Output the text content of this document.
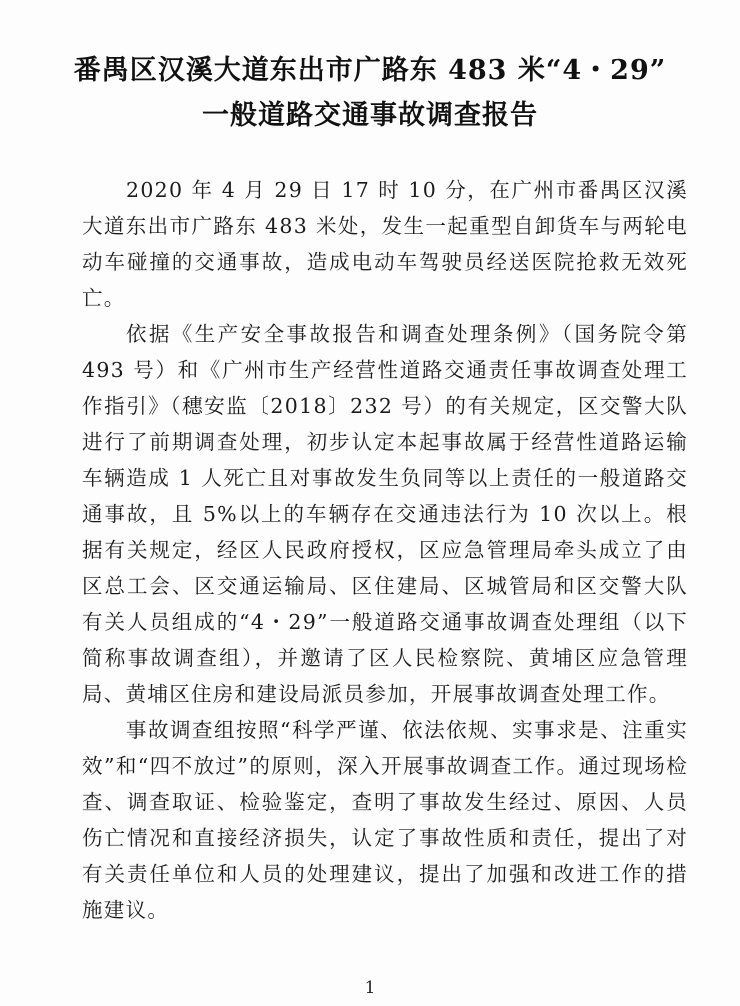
番禺区汉溪大道东出市广路东 483 米“4・29”
一般道路交通事故调查报告

2020 年 4 月 29 日 17 时 10 分，在广州市番禺区汉溪大道东出市广路东 483 米处，发生一起重型自卸货车与两轮电动车碰撞的交通事故，造成电动车驾驶员经送医院抢救无效死亡。

依据《生产安全事故报告和调查处理条例》（国务院令第 493 号）和《广州市生产经营性道路交通责任事故调查处理工作指引》（穗安监〔2018〕232 号）的有关规定，区交警大队进行了前期调查处理，初步认定本起事故属于经营性道路运输车辆造成 1 人死亡且对事故发生负同等以上责任的一般道路交通事故，且 5%以上的车辆存在交通违法行为 10 次以上。根据有关规定，经区人民政府授权，区应急管理局牵头成立了由区总工会、区交通运输局、区住建局、区城管局和区交警大队有关人员组成的“4・29”一般道路交通事故调查处理组（以下简称事故调查组），并邀请了区人民检察院、黄埔区应急管理局、黄埔区住房和建设局派员参加，开展事故调查处理工作。

事故调查组按照“科学严谨、依法依规、实事求是、注重实效”和“四不放过”的原则，深入开展事故调查工作。通过现场检查、调查取证、检验鉴定，查明了事故发生经过、原因、人员伤亡情况和直接经济损失，认定了事故性质和责任，提出了对有关责任单位和人员的处理建议，提出了加强和改进工作的措施建议。

1
